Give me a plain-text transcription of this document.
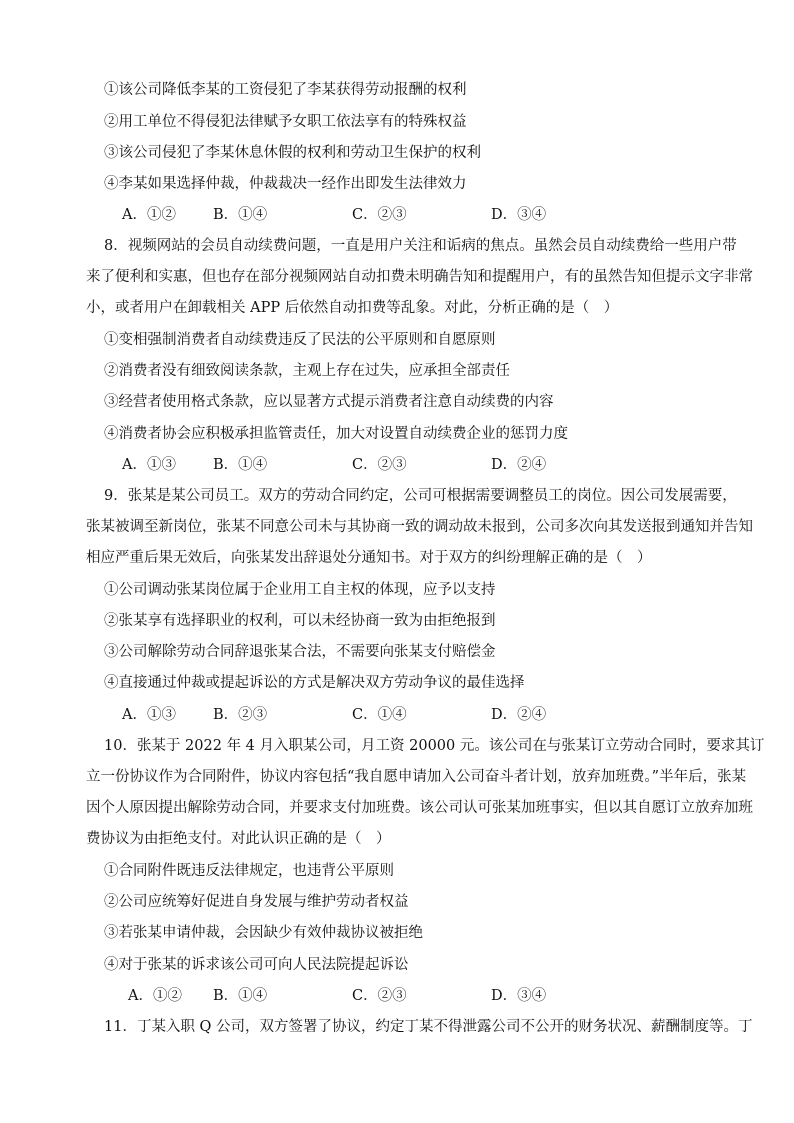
①该公司降低李某的工资侵犯了李某获得劳动报酬的权利
②用工单位不得侵犯法律赋予女职工依法享有的特殊权益
③该公司侵犯了李某休息休假的权利和劳动卫生保护的权利
④李某如果选择仲裁，仲裁裁决一经作出即发生法律效力
A．①②	B．①④	C．②③	D．③④
8．视频网站的会员自动续费问题，一直是用户关注和诟病的焦点。虽然会员自动续费给一些用户带
来了便利和实惠，但也存在部分视频网站自动扣费未明确告知和提醒用户，有的虽然告知但提示文字非常
小，或者用户在卸载相关 APP 后依然自动扣费等乱象。对此，分析正确的是（　）
①变相强制消费者自动续费违反了民法的公平原则和自愿原则
②消费者没有细致阅读条款，主观上存在过失，应承担全部责任
③经营者使用格式条款，应以显著方式提示消费者注意自动续费的内容
④消费者协会应积极承担监管责任，加大对设置自动续费企业的惩罚力度
A．①③	B．①④	C．②③	D．②④
9．张某是某公司员工。双方的劳动合同约定，公司可根据需要调整员工的岗位。因公司发展需要，
张某被调至新岗位，张某不同意公司未与其协商一致的调动故未报到，公司多次向其发送报到通知并告知
相应严重后果无效后，向张某发出辞退处分通知书。对于双方的纠纷理解正确的是（　）
①公司调动张某岗位属于企业用工自主权的体现，应予以支持
②张某享有选择职业的权利，可以未经协商一致为由拒绝报到
③公司解除劳动合同辞退张某合法，不需要向张某支付赔偿金
④直接通过仲裁或提起诉讼的方式是解决双方劳动争议的最佳选择
A．①③	B．②③	C．①④	D．②④
10．张某于 2022 年 4 月入职某公司，月工资 20000 元。该公司在与张某订立劳动合同时，要求其订
立一份协议作为合同附件，协议内容包括“我自愿申请加入公司奋斗者计划，放弃加班费。”半年后，张某
因个人原因提出解除劳动合同，并要求支付加班费。该公司认可张某加班事实，但以其自愿订立放弃加班
费协议为由拒绝支付。对此认识正确的是（　）
①合同附件既违反法律规定，也违背公平原则
②公司应统筹好促进自身发展与维护劳动者权益
③若张某申请仲裁，会因缺少有效仲裁协议被拒绝
④对于张某的诉求该公司可向人民法院提起诉讼
A．①② B．①④	C．②③	D．③④
11．丁某入职 Q 公司，双方签署了协议，约定丁某不得泄露公司不公开的财务状况、薪酬制度等。丁
